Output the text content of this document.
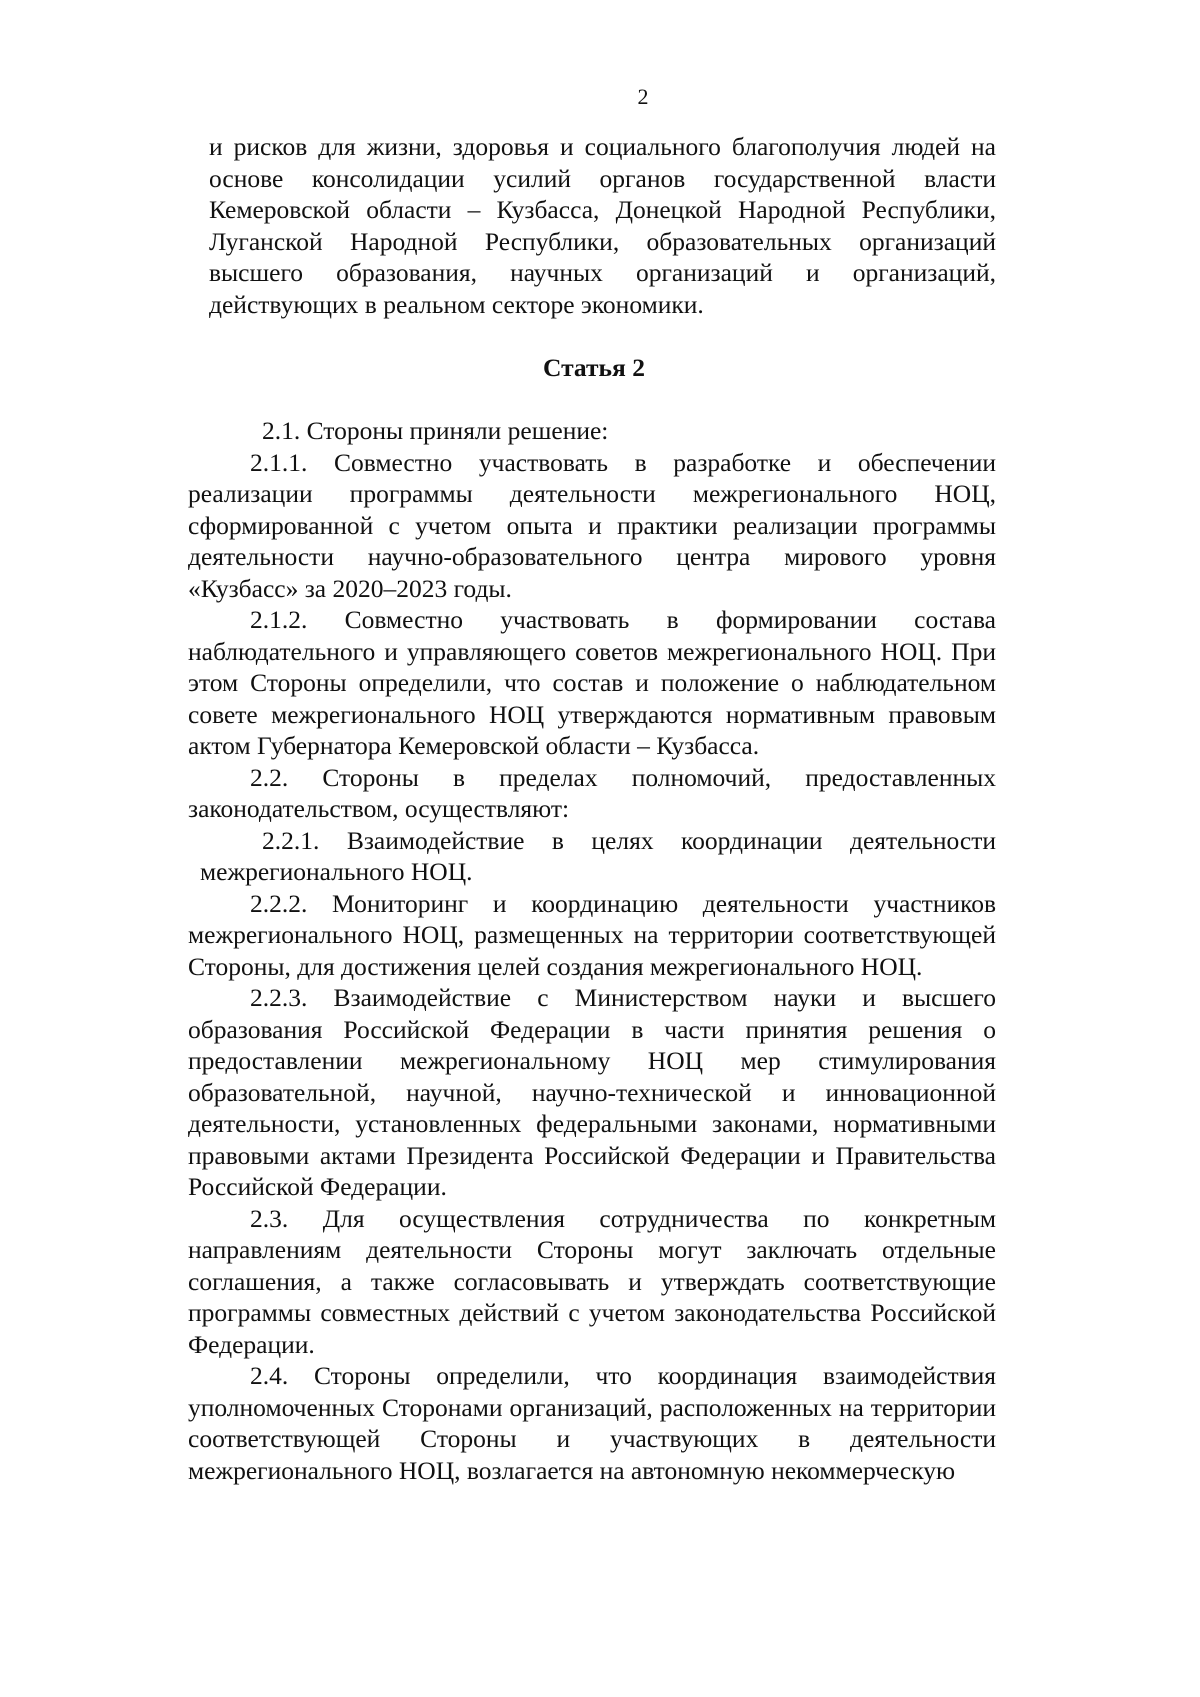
2

и рисков для жизни, здоровья и социального благополучия людей на основе консолидации усилий органов государственной власти Кемеровской области – Кузбасса, Донецкой Народной Республики, Луганской Народной Республики, образовательных организаций высшего образования, научных организаций и организаций, действующих в реальном секторе экономики.

Статья 2

2.1. Стороны приняли решение:

2.1.1. Совместно участвовать в разработке и обеспечении реализации программы деятельности межрегионального НОЦ, сформированной с учетом опыта и практики реализации программы деятельности научно-образовательного центра мирового уровня «Кузбасс» за 2020–2023 годы.

2.1.2. Совместно участвовать в формировании состава наблюдательного и управляющего советов межрегионального НОЦ. При этом Стороны определили, что состав и положение о наблюдательном совете межрегионального НОЦ утверждаются нормативным правовым актом Губернатора Кемеровской области – Кузбасса.

2.2. Стороны в пределах полномочий, предоставленных законодательством, осуществляют:

2.2.1. Взаимодействие в целях координации деятельности межрегионального НОЦ.

2.2.2. Мониторинг и координацию деятельности участников межрегионального НОЦ, размещенных на территории соответствующей Стороны, для достижения целей создания межрегионального НОЦ.

2.2.3. Взаимодействие с Министерством науки и высшего образования Российской Федерации в части принятия решения о предоставлении межрегиональному НОЦ мер стимулирования образовательной, научной, научно-технической и инновационной деятельности, установленных федеральными законами, нормативными правовыми актами Президента Российской Федерации и Правительства Российской Федерации.

2.3. Для осуществления сотрудничества по конкретным направлениям деятельности Стороны могут заключать отдельные соглашения, а также согласовывать и утверждать соответствующие программы совместных действий с учетом законодательства Российской Федерации.

2.4. Стороны определили, что координация взаимодействия уполномоченных Сторонами организаций, расположенных на территории соответствующей Стороны и участвующих в деятельности межрегионального НОЦ, возлагается на автономную некоммерческую
